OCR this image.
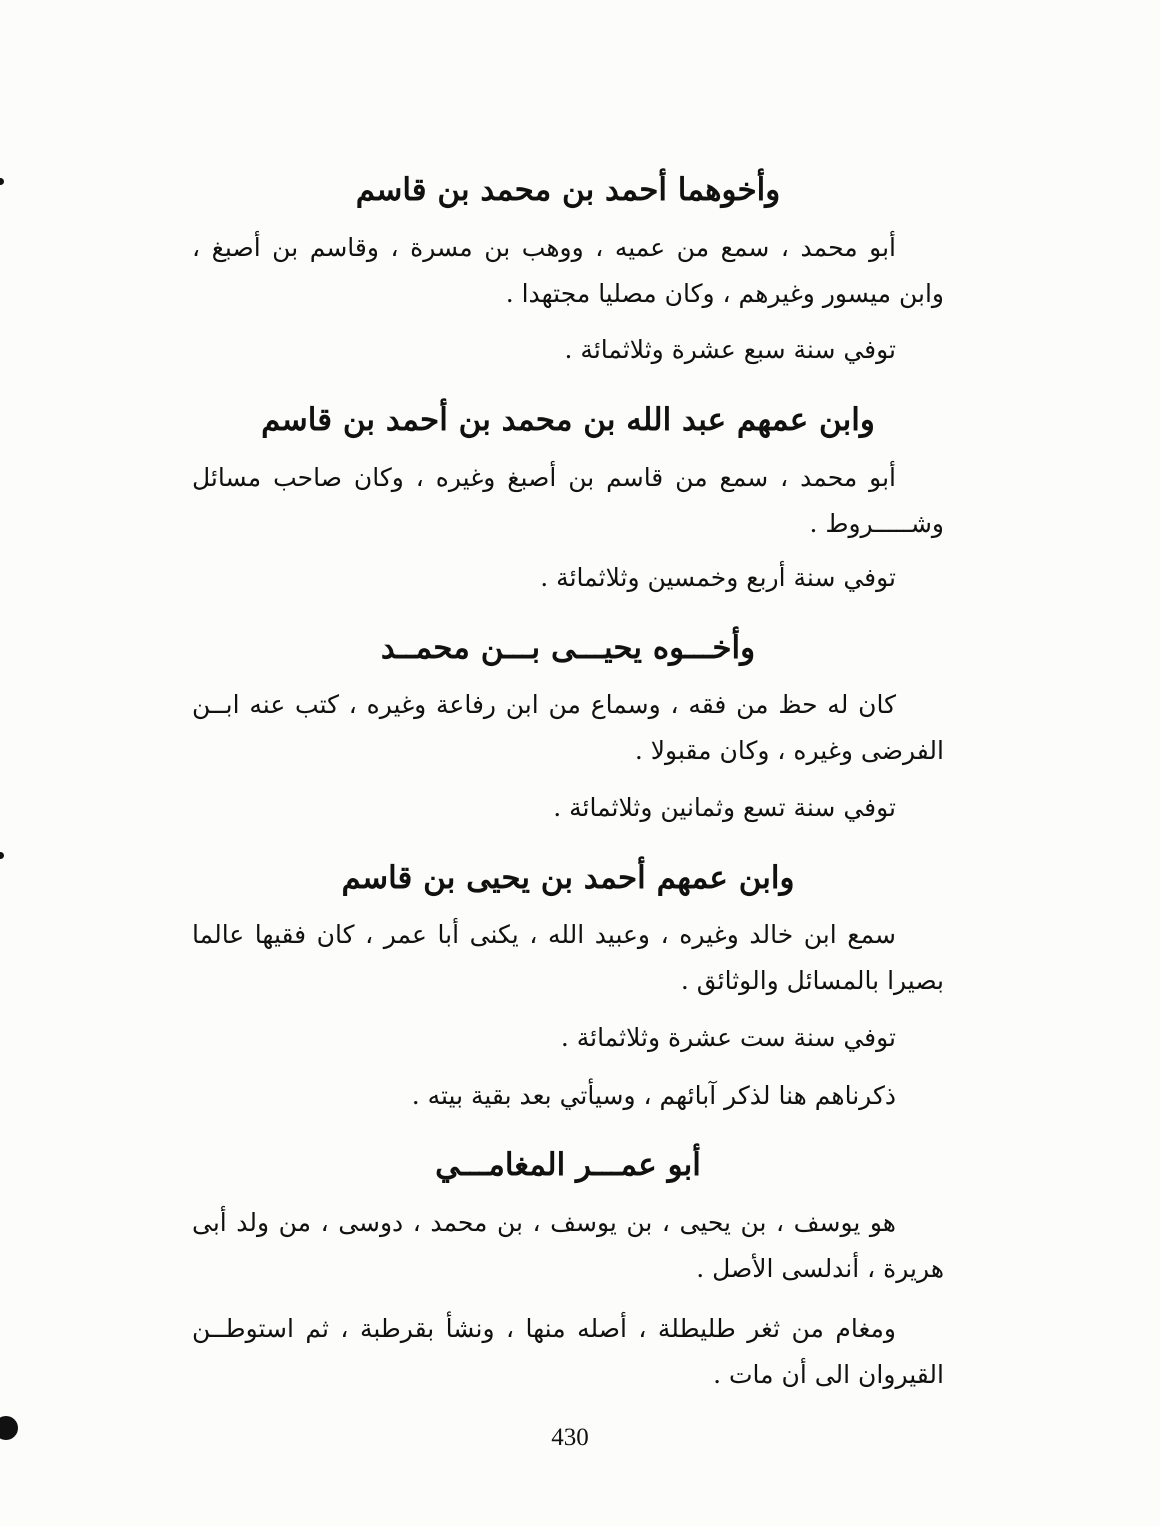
وأخوهما أحمد بن محمد بن قاسم
أبو محمد ، سمع من عميه ، ووهب بن مسرة ، وقاسم بن أصبغ ، وابن ميسور وغيرهم ، وكان مصليا مجتهدا .
توفي سنة سبع عشرة وثلاثمائة .
وابن عمهم عبد الله بن محمد بن أحمد بن قاسم
أبو محمد ، سمع من قاسم بن أصبغ وغيره ، وكان صاحب مسائل وشـــــروط .
توفي سنة أربع وخمسين وثلاثمائة .
وأخـــوه يحيـــى بـــن محمــد
كان له حظ من فقه ، وسماع من ابن رفاعة وغيره ، كتب عنه ابــن الفرضى وغيره ، وكان مقبولا .
توفي سنة تسع وثمانين وثلاثمائة .
وابن عمهم أحمد بن يحيى بن قاسم
سمع ابن خالد وغيره ، وعبيد الله ، يكنى أبا عمر ، كان فقيها عالما بصيرا بالمسائل والوثائق .
توفي سنة ست عشرة وثلاثمائة .
ذكرناهم هنا لذكر آبائهم ، وسيأتي بعد بقية بيته .
أبو عمـــر المغامـــي
هو يوسف ، بن يحيى ، بن يوسف ، بن محمد ، دوسى ، من ولد أبى هريرة ، أندلسى الأصل .
ومغام من ثغر طليطلة ، أصله منها ، ونشأ بقرطبة ، ثم استوطــن القيروان الى أن مات .
430
